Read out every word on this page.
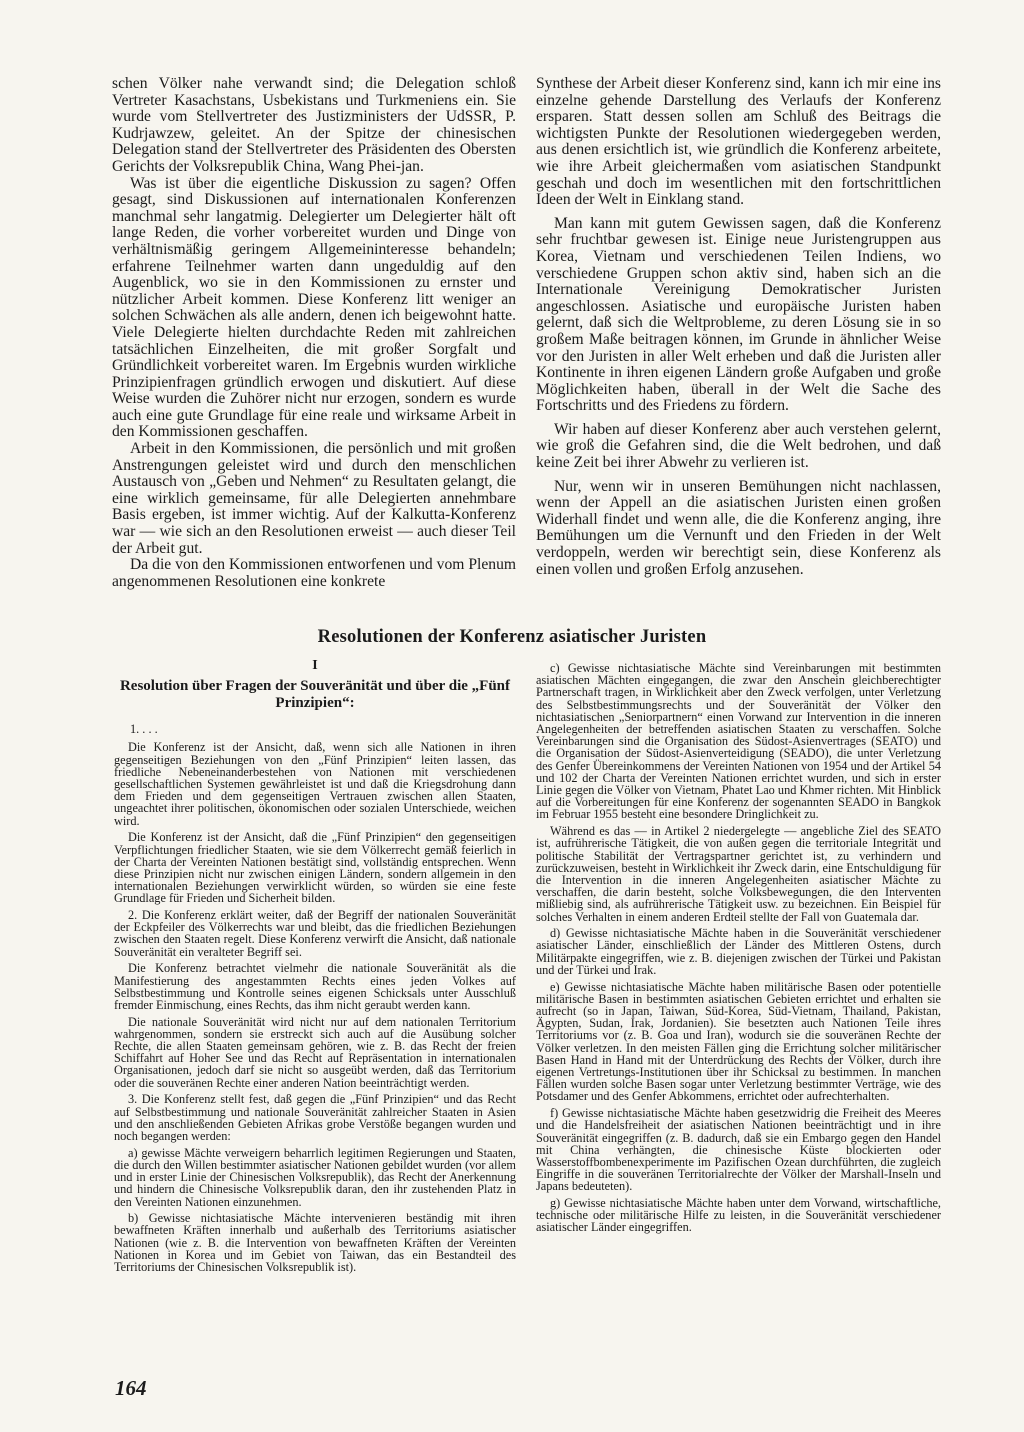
schen Völker nahe verwandt sind; die Delegation schloß Vertreter Kasachstans, Usbekistans und Turkmeniens ein. Sie wurde vom Stellvertreter des Justizministers der UdSSR, P. Kudrjawzew, geleitet. An der Spitze der chinesischen Delegation stand der Stellvertreter des Präsidenten des Obersten Gerichts der Volksrepublik China, Wang Phei-jan.

Was ist über die eigentliche Diskussion zu sagen? Offen gesagt, sind Diskussionen auf internationalen Konferenzen manchmal sehr langatmig. Delegierter um Delegierter hält oft lange Reden, die vorher vorbereitet wurden und Dinge von verhältnismäßig geringem Allgemeininteresse behandeln; erfahrene Teilnehmer warten dann ungeduldig auf den Augenblick, wo sie in den Kommissionen zu ernster und nützlicher Arbeit kommen. Diese Konferenz litt weniger an solchen Schwächen als alle andern, denen ich beigewohnt hatte. Viele Delegierte hielten durchdachte Reden mit zahlreichen tatsächlichen Einzelheiten, die mit großer Sorgfalt und Gründlichkeit vorbereitet waren. Im Ergebnis wurden wirkliche Prinzipienfragen gründlich erwogen und diskutiert. Auf diese Weise wurden die Zuhörer nicht nur erzogen, sondern es wurde auch eine gute Grundlage für eine reale und wirksame Arbeit in den Kommissionen geschaffen.

Arbeit in den Kommissionen, die persönlich und mit großen Anstrengungen geleistet wird und durch den menschlichen Austausch von „Geben und Nehmen“ zu Resultaten gelangt, die eine wirklich gemeinsame, für alle Delegierten annehmbare Basis ergeben, ist immer wichtig. Auf der Kalkutta-Konferenz war — wie sich an den Resolutionen erweist — auch dieser Teil der Arbeit gut.

Da die von den Kommissionen entworfenen und vom Plenum angenommenen Resolutionen eine konkrete

Synthese der Arbeit dieser Konferenz sind, kann ich mir eine ins einzelne gehende Darstellung des Verlaufs der Konferenz ersparen. Statt dessen sollen am Schluß des Beitrags die wichtigsten Punkte der Resolutionen wiedergegeben werden, aus denen ersichtlich ist, wie gründlich die Konferenz arbeitete, wie ihre Arbeit gleichermaßen vom asiatischen Standpunkt geschah und doch im wesentlichen mit den fortschrittlichen Ideen der Welt in Einklang stand.

Man kann mit gutem Gewissen sagen, daß die Konferenz sehr fruchtbar gewesen ist. Einige neue Juristengruppen aus Korea, Vietnam und verschiedenen Teilen Indiens, wo verschiedene Gruppen schon aktiv sind, haben sich an die Internationale Vereinigung Demokratischer Juristen angeschlossen. Asiatische und europäische Juristen haben gelernt, daß sich die Weltprobleme, zu deren Lösung sie in so großem Maße beitragen können, im Grunde in ähnlicher Weise vor den Juristen in aller Welt erheben und daß die Juristen aller Kontinente in ihren eigenen Ländern große Aufgaben und große Möglichkeiten haben, überall in der Welt die Sache des Fortschritts und des Friedens zu fördern.

Wir haben auf dieser Konferenz aber auch verstehen gelernt, wie groß die Gefahren sind, die die Welt bedrohen, und daß keine Zeit bei ihrer Abwehr zu verlieren ist.

Nur, wenn wir in unseren Bemühungen nicht nachlassen, wenn der Appell an die asiatischen Juristen einen großen Widerhall findet und wenn alle, die die Konferenz anging, ihre Bemühungen um die Vernunft und den Frieden in der Welt verdoppeln, werden wir berechtigt sein, diese Konferenz als einen vollen und großen Erfolg anzusehen.

Resolutionen der Konferenz asiatischer Juristen
I
Resolution über Fragen der Souveränität und über die „Fünf Prinzipien“:

1. . . .

Die Konferenz ist der Ansicht, daß, wenn sich alle Nationen in ihren gegenseitigen Beziehungen von den „Fünf Prinzipien“ leiten lassen, das friedliche Nebeneinanderbestehen von Nationen mit verschiedenen gesellschaftlichen Systemen gewährleistet ist und daß die Kriegsdrohung dann dem Frieden und dem gegenseitigen Vertrauen zwischen allen Staaten, ungeachtet ihrer politischen, ökonomischen oder sozialen Unterschiede, weichen wird.

Die Konferenz ist der Ansicht, daß die „Fünf Prinzipien“ den gegenseitigen Verpflichtungen friedlicher Staaten, wie sie dem Völkerrecht gemäß feierlich in der Charta der Vereinten Nationen bestätigt sind, vollständig entsprechen. Wenn diese Prinzipien nicht nur zwischen einigen Ländern, sondern allgemein in den internationalen Beziehungen verwirklicht würden, so würden sie eine feste Grundlage für Frieden und Sicherheit bilden.

2. Die Konferenz erklärt weiter, daß der Begriff der nationalen Souveränität der Eckpfeiler des Völkerrechts war und bleibt, das die friedlichen Beziehungen zwischen den Staaten regelt. Diese Konferenz verwirft die Ansicht, daß nationale Souveränität ein veralteter Begriff sei.

Die Konferenz betrachtet vielmehr die nationale Souveränität als die Manifestierung des angestammten Rechts eines jeden Volkes auf Selbstbestimmung und Kontrolle seines eigenen Schicksals unter Ausschluß fremder Einmischung, eines Rechts, das ihm nicht geraubt werden kann.

Die nationale Souveränität wird nicht nur auf dem nationalen Territorium wahrgenommen, sondern sie erstreckt sich auch auf die Ausübung solcher Rechte, die allen Staaten gemeinsam gehören, wie z. B. das Recht der freien Schiffahrt auf Hoher See und das Recht auf Repräsentation in internationalen Organisationen, jedoch darf sie nicht so ausgeübt werden, daß das Territorium oder die souveränen Rechte einer anderen Nation beeinträchtigt werden.

3. Die Konferenz stellt fest, daß gegen die „Fünf Prinzipien“ und das Recht auf Selbstbestimmung und nationale Souveränität zahlreicher Staaten in Asien und den anschließenden Gebieten Afrikas grobe Verstöße begangen wurden und noch begangen werden:

a) gewisse Mächte verweigern beharrlich legitimen Regierungen und Staaten, die durch den Willen bestimmter asiatischer Nationen gebildet wurden (vor allem und in erster Linie der Chinesischen Volksrepublik), das Recht der Anerkennung und hindern die Chinesische Volksrepublik daran, den ihr zustehenden Platz in den Vereinten Nationen einzunehmen.

b) Gewisse nichtasiatische Mächte intervenieren beständig mit ihren bewaffneten Kräften innerhalb und außerhalb des Territoriums asiatischer Nationen (wie z. B. die Intervention von bewaffneten Kräften der Vereinten Nationen in Korea und im Gebiet von Taiwan, das ein Bestandteil des Territoriums der Chinesischen Volksrepublik ist).

c) Gewisse nichtasiatische Mächte sind Vereinbarungen mit bestimmten asiatischen Mächten eingegangen, die zwar den Anschein gleichberechtigter Partnerschaft tragen, in Wirklichkeit aber den Zweck verfolgen, unter Verletzung des Selbstbestimmungsrechts und der Souveränität der Völker den nichtasiatischen „Seniorpartnern“ einen Vorwand zur Intervention in die inneren Angelegenheiten der betreffenden asiatischen Staaten zu verschaffen. Solche Vereinbarungen sind die Organisation des Südost-Asienvertrages (SEATO) und die Organisation der Südost-Asienverteidigung (SEADO), die unter Verletzung des Genfer Übereinkommens der Vereinten Nationen von 1954 und der Artikel 54 und 102 der Charta der Vereinten Nationen errichtet wurden, und sich in erster Linie gegen die Völker von Vietnam, Phatet Lao und Khmer richten. Mit Hinblick auf die Vorbereitungen für eine Konferenz der sogenannten SEADO in Bangkok im Februar 1955 besteht eine besondere Dringlichkeit zu.

Während es das — in Artikel 2 niedergelegte — angebliche Ziel des SEATO ist, aufrührerische Tätigkeit, die von außen gegen die territoriale Integrität und politische Stabilität der Vertragspartner gerichtet ist, zu verhindern und zurückzuweisen, besteht in Wirklichkeit ihr Zweck darin, eine Entschuldigung für die Intervention in die inneren Angelegenheiten asiatischer Mächte zu verschaffen, die darin besteht, solche Volksbewegungen, die den Interventen mißliebig sind, als aufrührerische Tätigkeit usw. zu bezeichnen. Ein Beispiel für solches Verhalten in einem anderen Erdteil stellte der Fall von Guatemala dar.

d) Gewisse nichtasiatische Mächte haben in die Souveränität verschiedener asiatischer Länder, einschließlich der Länder des Mittleren Ostens, durch Militärpakte eingegriffen, wie z. B. diejenigen zwischen der Türkei und Pakistan und der Türkei und Irak.

e) Gewisse nichtasiatische Mächte haben militärische Basen oder potentielle militärische Basen in bestimmten asiatischen Gebieten errichtet und erhalten sie aufrecht (so in Japan, Taiwan, Süd-Korea, Süd-Vietnam, Thailand, Pakistan, Ägypten, Sudan, Irak, Jordanien). Sie besetzten auch Nationen Teile ihres Territoriums vor (z. B. Goa und Iran), wodurch sie die souveränen Rechte der Völker verletzen. In den meisten Fällen ging die Errichtung solcher militärischer Basen Hand in Hand mit der Unterdrückung des Rechts der Völker, durch ihre eigenen Vertretungs-Institutionen über ihr Schicksal zu bestimmen. In manchen Fällen wurden solche Basen sogar unter Verletzung bestimmter Verträge, wie des Potsdamer und des Genfer Abkommens, errichtet oder aufrechterhalten.

f) Gewisse nichtasiatische Mächte haben gesetzwidrig die Freiheit des Meeres und die Handelsfreiheit der asiatischen Nationen beeinträchtigt und in ihre Souveränität eingegriffen (z. B. dadurch, daß sie ein Embargo gegen den Handel mit China verhängten, die chinesische Küste blockierten oder Wasserstoffbombenexperimente im Pazifischen Ozean durchführten, die zugleich Eingriffe in die souveränen Territorialrechte der Völker der Marshall-Inseln und Japans bedeuteten).

g) Gewisse nichtasiatische Mächte haben unter dem Vorwand, wirtschaftliche, technische oder militärische Hilfe zu leisten, in die Souveränität verschiedener asiatischer Länder eingegriffen.

164
